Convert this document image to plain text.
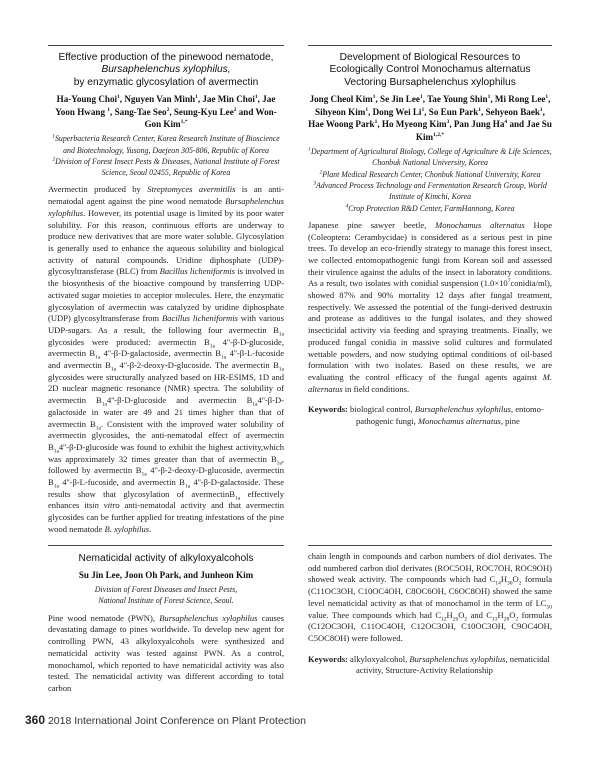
Effective production of the pinewood nematode,
Bursaphelenchus xylophilus,
by enzymatic glycosylation of avermectin
Ha-Young Choi$^1$, Nguyen Van Minh$^1$, Jae Min Choi$^1$, Jae Yoon Hwang $^1$, Sang-Tae Seo$^2$, Seung-Kyu Lee$^2$ and Won-Gon Kim$^{1,*}$
$^1$Superbacteria Research Center, Korea Research Institute of Bioscience and Biotechnology, Yusong, Daejeon 305-806, Republic of Korea
$^2$Division of Forest Insect Pests & Diseases, National Institute of Forest Science, Seoul 02455, Republic of Korea
Avermectin produced by Streptomyces avermitilis is an anti-nematodal agent against the pine wood nematode Bursaphelenchus xylophilus. However, its potential usage is limited by its poor water solubility. For this reason, continuous efforts are underway to produce new derivatives that are more water soluble. Glycosylation is generally used to enhance the aqueous solubility and biological activity of natural compounds. Uridine diphosphate (UDP)-glycosyltransferase (BLC) from Bacillus licheniformis is involved in the biosynthesis of the bioactive compound by transferring UDP-activated sugar moieties to acceptor molecules. Here, the enzymatic glycosylation of avermectin was catalyzed by uridine diphosphate (UDP) glycosyltransferase from Bacillus licheniformis with various UDP-sugars. As a result, the following four avermectin $B_{1a}$ glycosides were produced: avermectin $B_{1a}$ 4''-β-D-glucoside, avermectin $B_{1a}$ 4''-β-D-galactoside, avermectin $B_{1a}$ 4''-β-L-fucoside and avermectin $B_{1a}$ 4''-β-2-deoxy-D-glucoside. The avermectin $B_{1a}$ glycosides were structurally analyzed based on HR-ESIMS, 1D and 2D nuclear magnetic resonance (NMR) spectra. The solubility of avermectin $B_{1a}4''-\beta-D$-glucoside and avermectin $B_{1a}4''-\beta-D$-galactoside in water are 49 and 21 times higher than that of avermectin $B_{1a}$. Consistent with the improved water solubility of avermectin glycosides, the anti-nematodal effect of avermectin $B_{1a}4''-\beta-D$-glucoside was found to exhibit the highest activity,which was approximately 32 times greater than that of avermectin $B_{1a}$, followed by avermectin $B_{1a}$ 4''-β-2-deoxy-D-glucoside, avermectin $B_{1a}$ 4''-β-L-fucoside, and avermectin $B_{1a}$ 4''-β-D-galactoside. These results show that glycosylation of avermectinB$_{1a}$ effectively enhances itsin vitro anti-nematodal activity and that avermectin glycosides can be further applied for treating infestations of the pine wood nematode B. xylophilus.
Development of Biological Resources to
Ecologically Control Monochamus alternatus
Vectoring Bursaphelenchus xylophilus
Jong Cheol Kim$^1$, Se Jin Lee$^1$, Tae Young Shin$^1$, Mi Rong Lee$^1$, Sihyeon Kim$^1$, Dong Wei Li$^1$, So Eun Park$^1$, Sehyeon Baek$^1$, Hae Woong Park$^1$, Ho Myeong Kim$^3$, Pan Jung Ha$^4$ and Jae Su Kim$^{1,2,*}$
$^1$Department of Agricultural Biology, College of Agriculture & Life Sciences, Chonbuk National University, Korea
$^2$Plant Medical Research Center, Chonbuk National University, Korea
$^3$Advanced Process Technology and Fermentation Research Group, World Institute of Kimchi, Korea
$^4$Crop Protection R&D Center, FarmHannong, Korea
Japanese pine sawyer beetle, Monochamus alternatus Hope (Coleoptera: Cerambycidae) is considered as a serious pest in pine trees. To develop an eco-friendly strategy to manage this forest insect, we collected entomopathogenic fungi from Korean soil and assessed their virulence against the adults of the insect in laboratory conditions. As a result, two isolates with conidial suspension $(1.0\times 10^7conidia/ml)$, showed 87% and 90% mortality 12 days after fungal treatment, respectively. We assessed the potential of the fungi-derived destruxin and protease as additives to the fungal isolates, and they showed insecticidal activity via feeding and spraying treatments. Finally, we produced fungal conidia in massive solid cultures and formulated wettable powders, and now studying optimal conditions of oil-based formulation with two isolates. Based on these results, we are evaluating the control efficacy of the fungal agents against M. alternatus in field conditions.
Keywords: biological control, Bursaphelenchus xylophilus, entomo-pathogenic fungi, Monochamus alternatus, pine
Nematicidal activity of alkyloxyalcohols
Su Jin Lee, Joon Oh Park, and Junheon Kim
Division of Forest Diseases and Insect Pests,
National Institute of Forest Science, Seoul.
Pine wood nematode (PWN), Bursaphelenchus xylophilus causes devastating damage to pines worldwide. To develop new agent for controlling PWN, 43 alkyloxyalcohols were synthesized and nematicidal activity was tested against PWN. As a control, monochamol, which reported to have nematicidal activity was also tested. The nematicidal activity was different according to total carbon
chain length in compounds and carbon numbers of diol derivates. The odd numbered carbon diol derivates (ROC5OH, ROC7OH, ROC9OH) showed weak activity. The compounds which had $C_{14}H_{30}O_2$ formula (C11OC3OH, C10OC4OH, C8OC6OH, C6OC8OH) showed the same level nematicidal activity as that of monochamol in the term of $LC_{50}$ value. Thee compounds which had $C_{12}H_{26}O_2$ and $C_{13}H_{28}O_2$ formulas (C12OC3OH, C11OC4OH, C12OC3OH, C10OC3OH, C9OC4OH, C5OC8OH) were followed.
Keywords: alkyloxyalcohol, Bursaphelenchus xylophilus, nematicidal activity, Structure-Activity Relationship
360 2018 International Joint Conference on Plant Protection
